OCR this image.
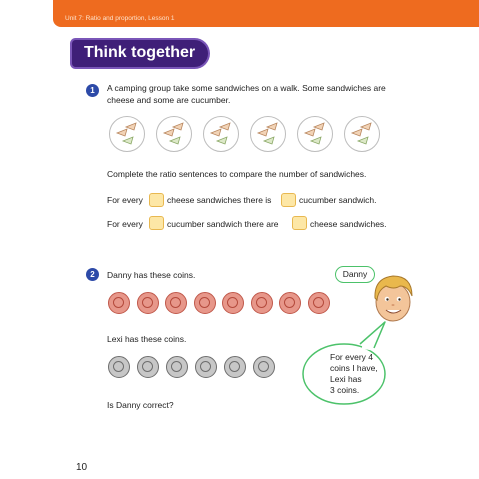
Unit 7: Ratio and proportion, Lesson 1
Think together
1	A camping group take some sandwiches on a walk. Some sandwiches are
cheese and some are cucumber.
Complete the ratio sentences to compare the number of sandwiches.
For every	cheese sandwiches there is	cucumber sandwich.
For every	cucumber sandwich there are	cheese sandwiches.
2	Danny has these coins.
Lexi has these coins.
Is Danny correct?
Danny
For every 4
coins I have,
Lexi has
3 coins.
10
